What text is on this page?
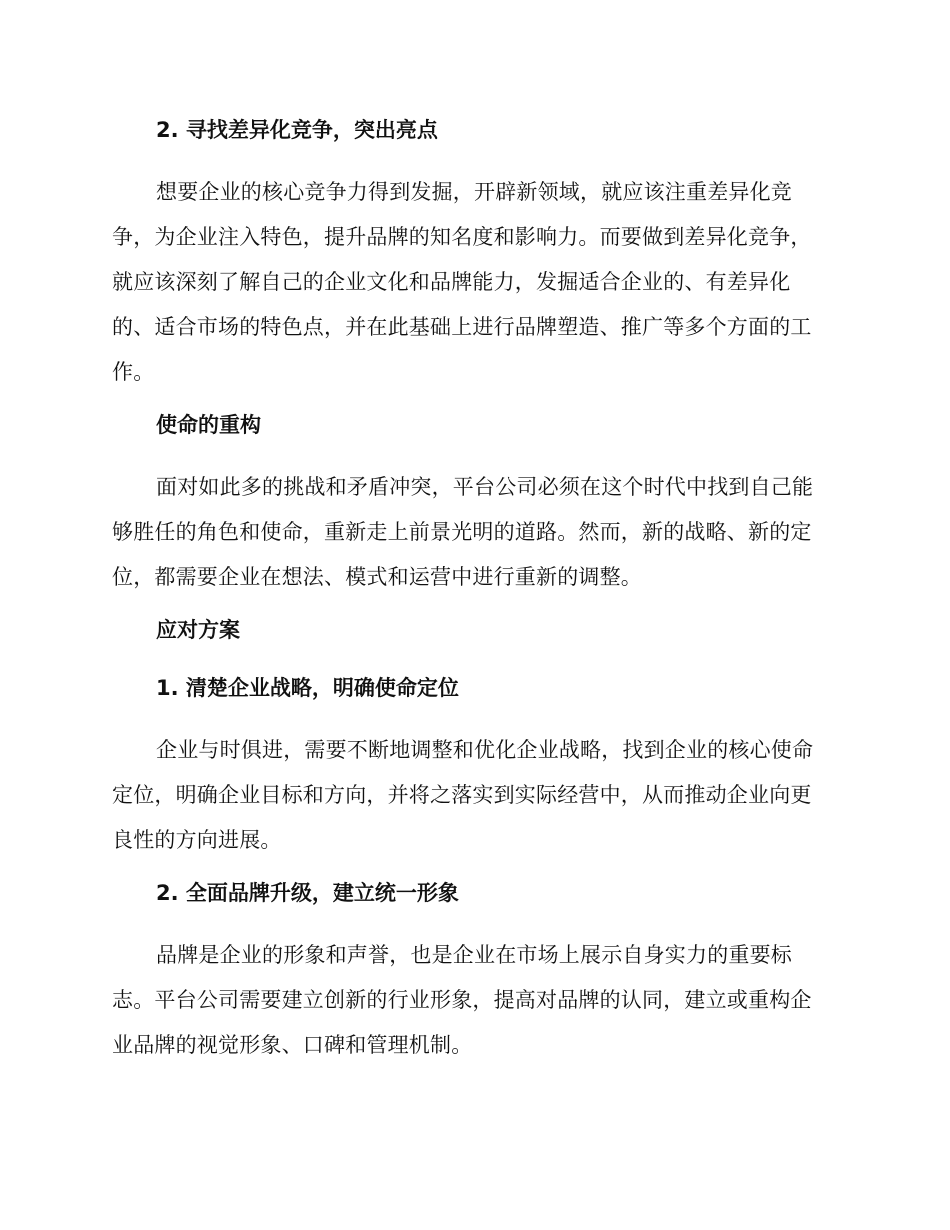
2. 寻找差异化竞争，突出亮点

想要企业的核心竞争力得到发掘，开辟新领域，就应该注重差异化竞争，为企业注入特色，提升品牌的知名度和影响力。而要做到差异化竞争，就应该深刻了解自己的企业文化和品牌能力，发掘适合企业的、有差异化的、适合市场的特色点，并在此基础上进行品牌塑造、推广等多个方面的工作。

使命的重构

面对如此多的挑战和矛盾冲突，平台公司必须在这个时代中找到自己能够胜任的角色和使命，重新走上前景光明的道路。然而，新的战略、新的定位，都需要企业在想法、模式和运营中进行重新的调整。

应对方案
1. 清楚企业战略，明确使命定位

企业与时俱进，需要不断地调整和优化企业战略，找到企业的核心使命定位，明确企业目标和方向，并将之落实到实际经营中，从而推动企业向更良性的方向进展。

2. 全面品牌升级，建立统一形象

品牌是企业的形象和声誉，也是企业在市场上展示自身实力的重要标志。平台公司需要建立创新的行业形象，提高对品牌的认同，建立或重构企业品牌的视觉形象、口碑和管理机制。
